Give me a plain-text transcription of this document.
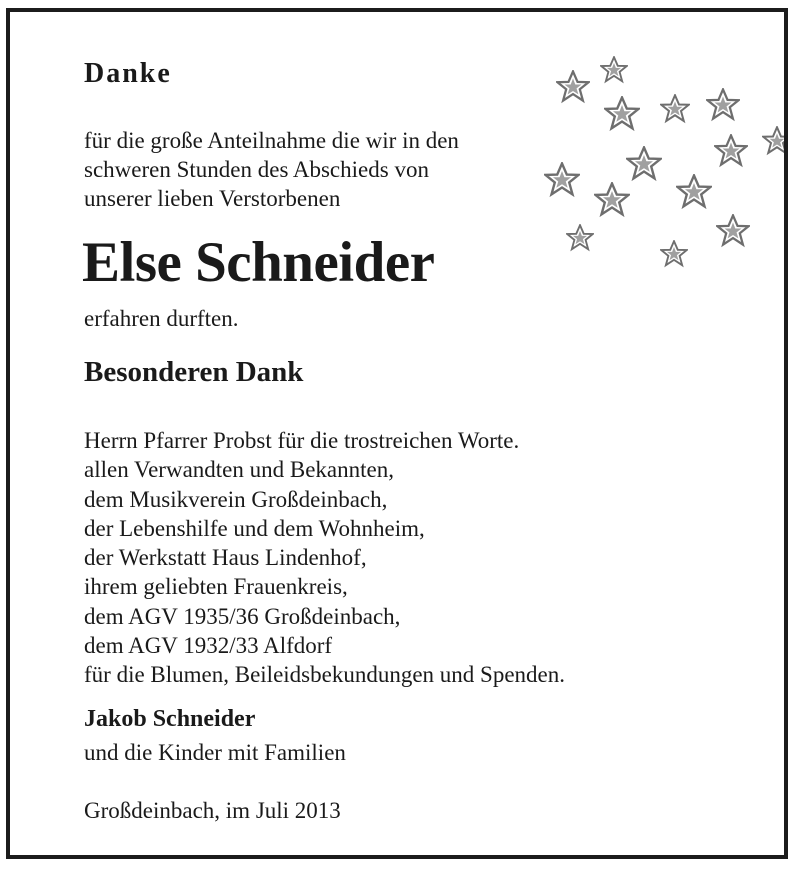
Danke
für die große Anteilnahme die wir in den
schweren Stunden des Abschieds von
unserer lieben Verstorbenen
Else Schneider
erfahren durften.
Besonderen Dank
Herrn Pfarrer Probst für die trostreichen Worte.
allen Verwandten und Bekannten,
dem Musikverein Großdeinbach,
der Lebenshilfe und dem Wohnheim,
der Werkstatt Haus Lindenhof,
ihrem geliebten Frauenkreis,
dem AGV 1935/36 Großdeinbach,
dem AGV 1932/33 Alfdorf
für die Blumen, Beileidsbekundungen und Spenden.
Jakob Schneider
und die Kinder mit Familien
Großdeinbach, im Juli 2013
